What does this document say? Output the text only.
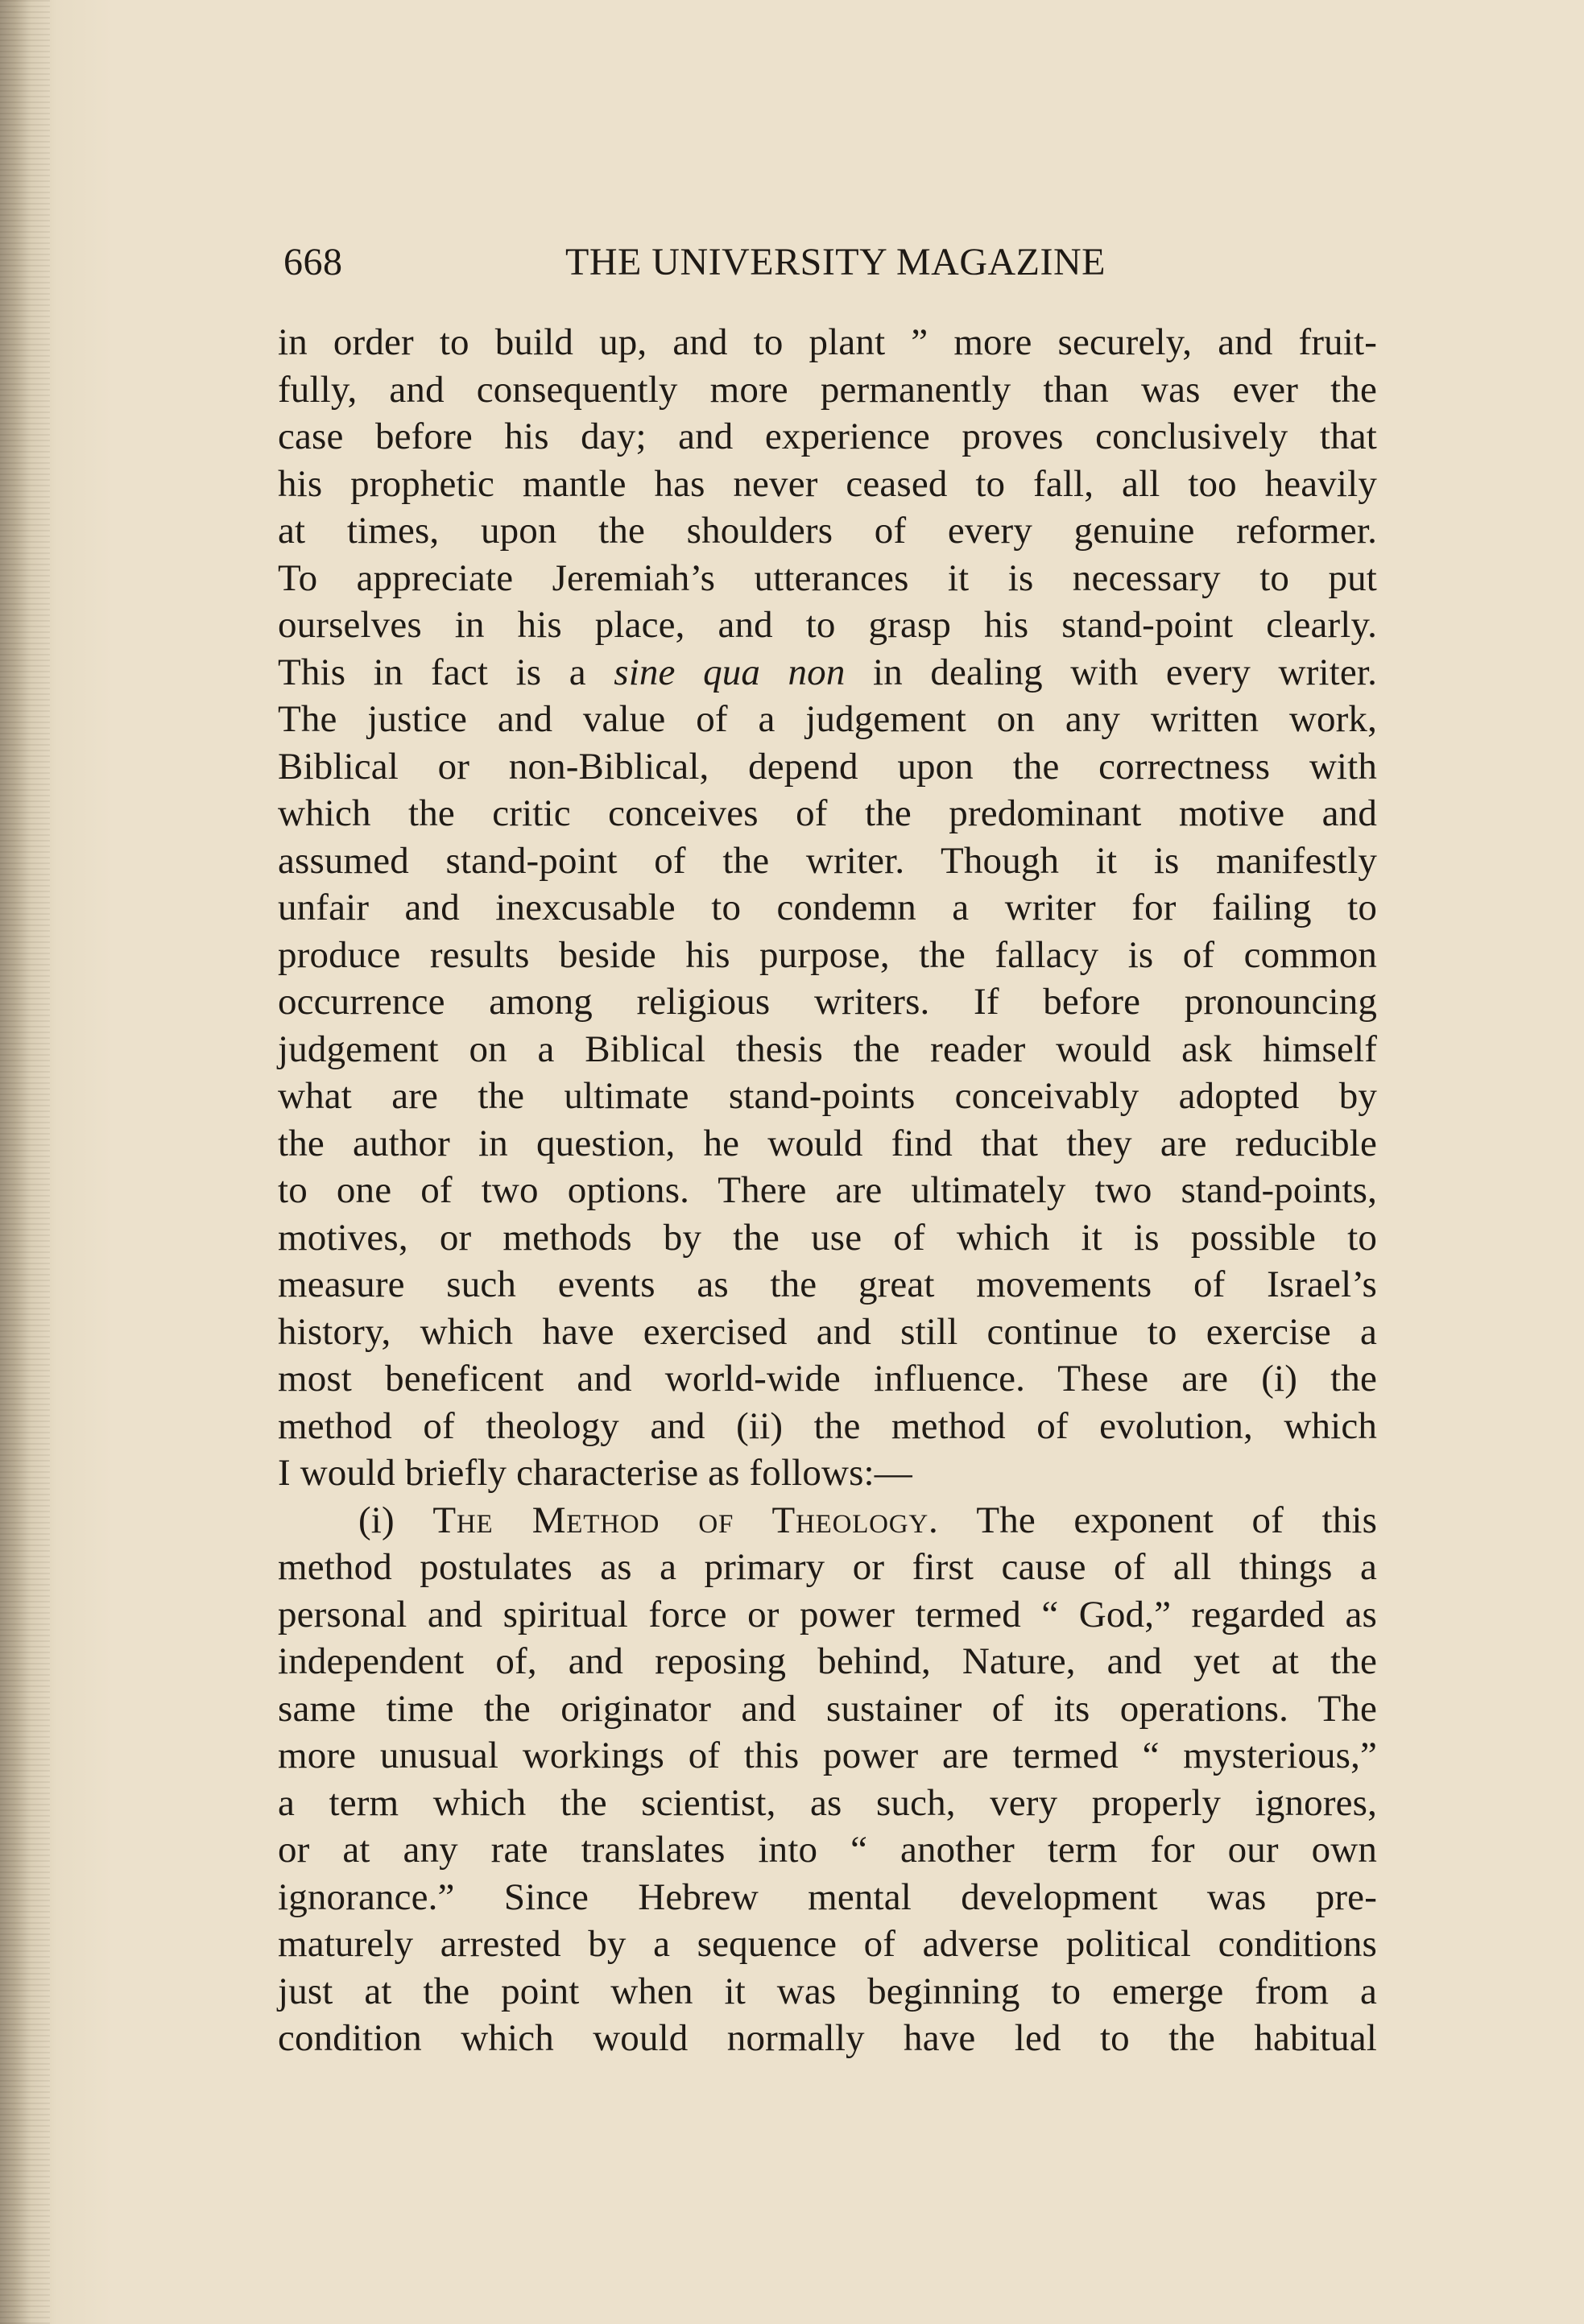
668	THE UNIVERSITY MAGAZINE
in order to build up, and to plant ” more securely, and fruit-
fully, and consequently more permanently than was ever the
case before his day; and experience proves conclusively that
his prophetic mantle has never ceased to fall, all too heavily
at times, upon the shoulders of every genuine reformer.
To appreciate Jeremiah’s utterances it is necessary to put
ourselves in his place, and to grasp his stand-point clearly.
This in fact is a sine qua non in dealing with every writer.
The justice and value of a judgement on any written work,
Biblical or non-Biblical, depend upon the correctness with
which the critic conceives of the predominant motive and
assumed stand-point of the writer. Though it is manifestly
unfair and inexcusable to condemn a writer for failing to
produce results beside his purpose, the fallacy is of common
occurrence among religious writers. If before pronouncing
judgement on a Biblical thesis the reader would ask himself
what are the ultimate stand-points conceivably adopted by
the author in question, he would find that they are reducible
to one of two options. There are ultimately two stand-points,
motives, or methods by the use of which it is possible to
measure such events as the great movements of Israel’s
history, which have exercised and still continue to exercise a
most beneficent and world-wide influence. These are (i) the
method of theology and (ii) the method of evolution, which
I would briefly characterise as follows:—
(i) The Method of Theology. The exponent of this
method postulates as a primary or first cause of all things a
personal and spiritual force or power termed “ God,” regarded as
independent of, and reposing behind, Nature, and yet at the
same time the originator and sustainer of its operations. The
more unusual workings of this power are termed “ mysterious,”
a term which the scientist, as such, very properly ignores,
or at any rate translates into “ another term for our own
ignorance.” Since Hebrew mental development was pre-
maturely arrested by a sequence of adverse political conditions
just at the point when it was beginning to emerge from a
condition which would normally have led to the habitual
